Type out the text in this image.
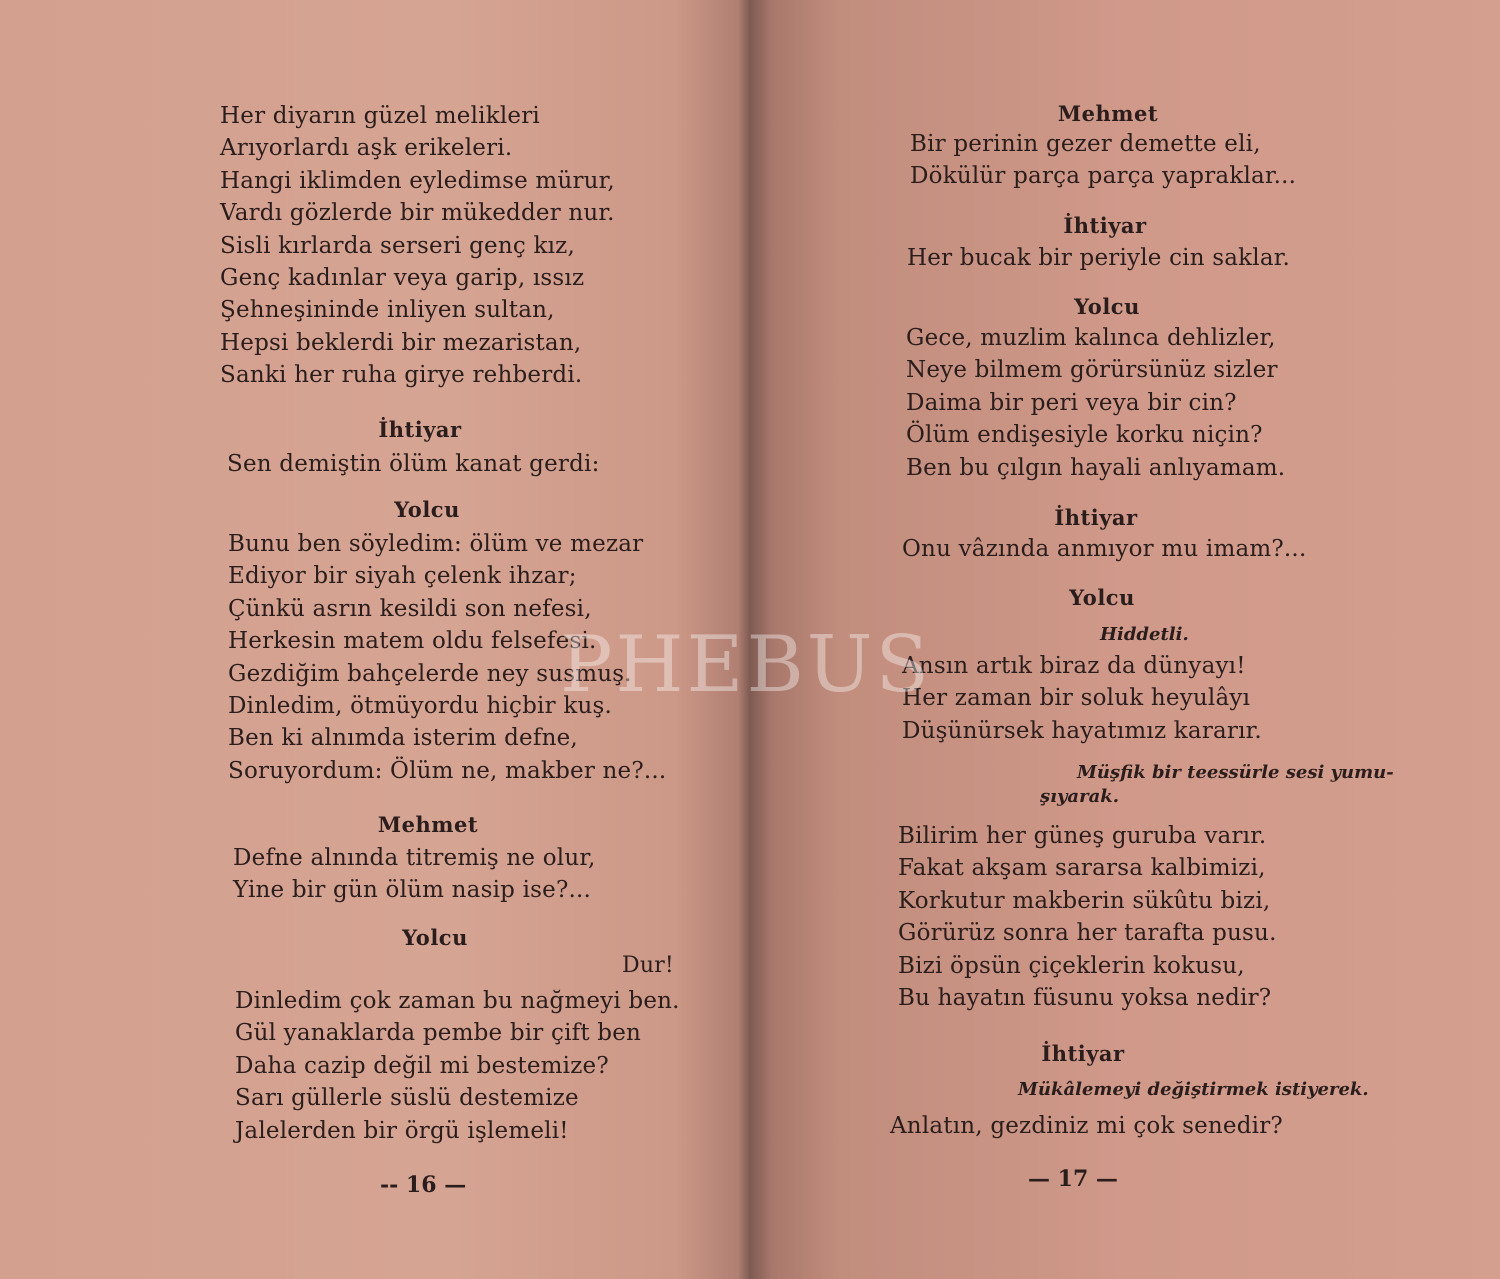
Her diyarın güzel melikleri
Arıyorlardı aşk erikeleri.
Hangi iklimden eyledimse mürur,
Vardı gözlerde bir mükedder nur.
Sisli kırlarda serseri genç kız,
Genç kadınlar veya garip, ıssız
Şehneşininde inliyen sultan,
Hepsi beklerdi bir mezaristan,
Sanki her ruha girye rehberdi.
İhtiyar
Sen demiştin ölüm kanat gerdi:
Yolcu
Bunu ben söyledim: ölüm ve mezar
Ediyor bir siyah çelenk ihzar;
Çünkü asrın kesildi son nefesi,
Herkesin matem oldu felsefesi.
Gezdiğim bahçelerde ney susmuş.
Dinledim, ötmüyordu hiçbir kuş.
Ben ki alnımda isterim defne,
Soruyordum: Ölüm ne, makber ne?...
Mehmet
Defne alnında titremiş ne olur,
Yine bir gün ölüm nasip ise?...
Yolcu
Dur!
Dinledim çok zaman bu nağmeyi ben.
Gül yanaklarda pembe bir çift ben
Daha cazip değil mi bestemize?
Sarı güllerle süslü destemize
Jalelerden bir örgü işlemeli!
-- 16 —
Mehmet
Bir perinin gezer demette eli,
Dökülür parça parça yapraklar...
İhtiyar
Her bucak bir periyle cin saklar.
Yolcu
Gece, muzlim kalınca dehlizler,
Neye bilmem görürsünüz sizler
Daima bir peri veya bir cin?
Ölüm endişesiyle korku niçin?
Ben bu çılgın hayali anlıyamam.
İhtiyar
Onu vâzında anmıyor mu imam?...
Yolcu
Hiddetli.
Ansın artık biraz da dünyayı!
Her zaman bir soluk heyulâyı
Düşünürsek hayatımız kararır.
Müşfik bir teessürle sesi yumu-
şıyarak.
Bilirim her güneş guruba varır.
Fakat akşam sararsa kalbimizi,
Korkutur makberin sükûtu bizi,
Görürüz sonra her tarafta pusu.
Bizi öpsün çiçeklerin kokusu,
Bu hayatın füsunu yoksa nedir?
İhtiyar
Mükâlemeyi değiştirmek istiyerek.
Anlatın, gezdiniz mi çok senedir?
— 17 —
PHEBUS
